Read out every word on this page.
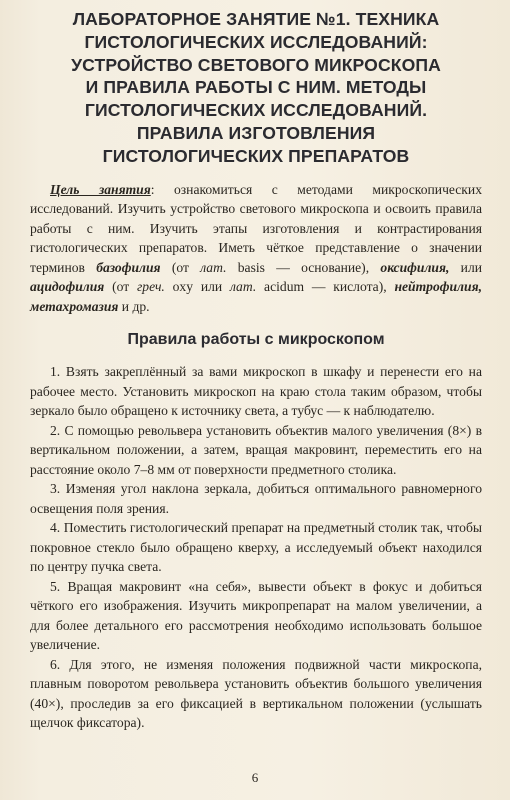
ЛАБОРАТОРНОЕ ЗАНЯТИЕ №1. ТЕХНИКА
ГИСТОЛОГИЧЕСКИХ ИССЛЕДОВАНИЙ:
УСТРОЙСТВО СВЕТОВОГО МИКРОСКОПА
И ПРАВИЛА РАБОТЫ С НИМ. МЕТОДЫ
ГИСТОЛОГИЧЕСКИХ ИССЛЕДОВАНИЙ.
ПРАВИЛА ИЗГОТОВЛЕНИЯ
ГИСТОЛОГИЧЕСКИХ ПРЕПАРАТОВ

Цель занятия: ознакомиться с методами микроскопических исследований. Изучить устройство светового микроскопа и освоить правила работы с ним. Изучить этапы изготовления и контрастирования гистологических препаратов. Иметь чёткое представление о значении терминов базофилия (от лат. basis — основание), оксифилия, или ацидофилия (от греч. oxy или лат. acidum — кислота), нейтрофилия, метахромазия и др.

Правила работы с микроскопом

1. Взять закреплённый за вами микроскоп в шкафу и перенести его на рабочее место. Установить микроскоп на краю стола таким образом, чтобы зеркало было обращено к источнику света, а тубус — к наблюдателю.

2. С помощью револьвера установить объектив малого увеличения (8×) в вертикальном положении, а затем, вращая макровинт, переместить его на расстояние около 7–8 мм от поверхности предметного столика.

3. Изменяя угол наклона зеркала, добиться оптимального равномерного освещения поля зрения.

4. Поместить гистологический препарат на предметный столик так, чтобы покровное стекло было обращено кверху, а исследуемый объект находился по центру пучка света.

5. Вращая макровинт «на себя», вывести объект в фокус и добиться чёткого его изображения. Изучить микропрепарат на малом увеличении, а для более детального его рассмотрения необходимо использовать большое увеличение.

6. Для этого, не изменяя положения подвижной части микроскопа, плавным поворотом револьвера установить объектив большого увеличения (40×), проследив за его фиксацией в вертикальном положении (услышать щелчок фиксатора).

6
